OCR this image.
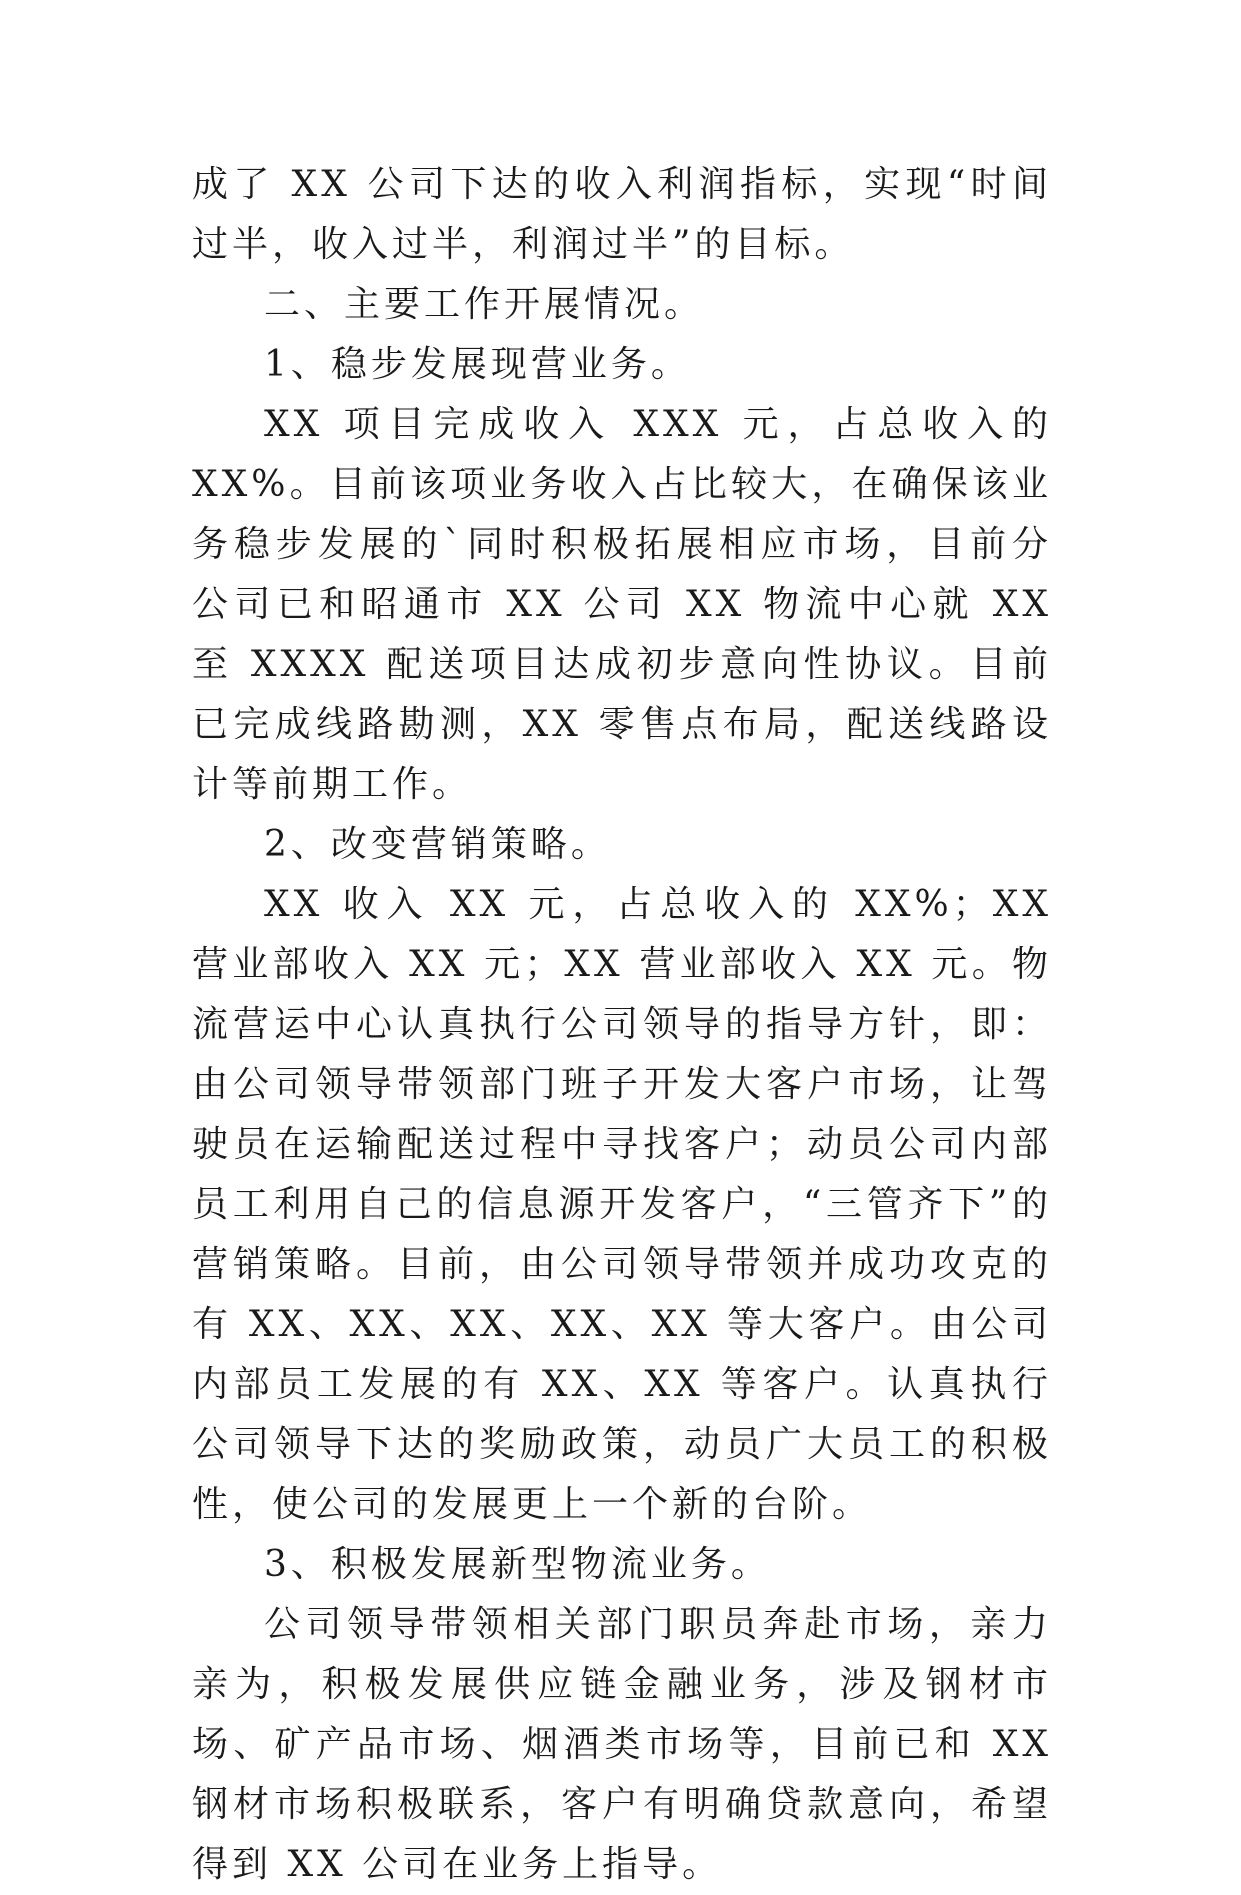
成了 XX 公司下达的收入利润指标，实现“时间过半，收入过半，利润过半”的目标。

二、主要工作开展情况。

1、稳步发展现营业务。

XX 项目完成收入 XXX 元，占总收入的 XX%。目前该项业务收入占比较大，在确保该业务稳步发展的`同时积极拓展相应市场，目前分公司已和昭通市 XX 公司 XX 物流中心就 XX 至 XXXX 配送项目达成初步意向性协议。目前已完成线路勘测，XX 零售点布局，配送线路设计等前期工作。

2、改变营销策略。

XX 收入 XX 元，占总收入的 XX%；XX 营业部收入 XX 元；XX 营业部收入 XX 元。物流营运中心认真执行公司领导的指导方针，即：由公司领导带领部门班子开发大客户市场，让驾驶员在运输配送过程中寻找客户；动员公司内部员工利用自己的信息源开发客户，“三管齐下”的营销策略。目前，由公司领导带领并成功攻克的有 XX、XX、XX、XX、XX 等大客户。由公司内部员工发展的有 XX、XX 等客户。认真执行公司领导下达的奖励政策，动员广大员工的积极性，使公司的发展更上一个新的台阶。

3、积极发展新型物流业务。

公司领导带领相关部门职员奔赴市场，亲力亲为，积极发展供应链金融业务，涉及钢材市场、矿产品市场、烟酒类市场等，目前已和 XX 钢材市场积极联系，客户有明确贷款意向，希望得到 XX 公司在业务上指导。
